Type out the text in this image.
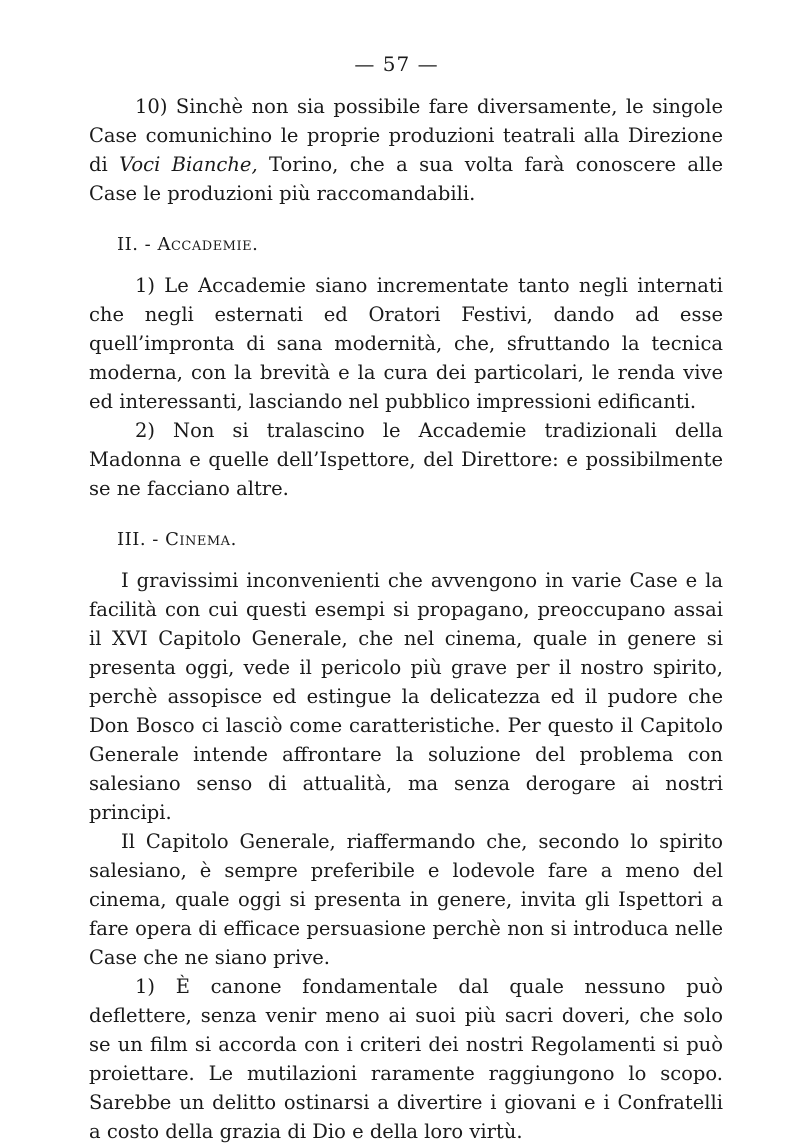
— 57 —

10) Sinchè non sia possibile fare diversamente, le singole Case comunichino le proprie produzioni teatrali alla Direzione di Voci Bianche, Torino, che a sua volta farà conoscere alle Case le produzioni più raccomandabili.

II. - Accademie.

1) Le Accademie siano incrementate tanto negli internati che negli esternati ed Oratori Festivi, dando ad esse quell’impronta di sana modernità, che, sfruttando la tecnica moderna, con la brevità e la cura dei particolari, le renda vive ed interessanti, lasciando nel pubblico impressioni edificanti.

2) Non si tralascino le Accademie tradizionali della Madonna e quelle dell’Ispettore, del Direttore: e possibilmente se ne facciano altre.

III. - Cinema.

I gravissimi inconvenienti che avvengono in varie Case e la facilità con cui questi esempi si propagano, preoccupano assai il XVI Capitolo Generale, che nel cinema, quale in genere si presenta oggi, vede il pericolo più grave per il nostro spirito, perchè assopisce ed estingue la delicatezza ed il pudore che Don Bosco ci lasciò come caratteristiche. Per questo il Capitolo Generale intende affrontare la soluzione del problema con salesiano senso di attualità, ma senza derogare ai nostri principi.

Il Capitolo Generale, riaffermando che, secondo lo spirito salesiano, è sempre preferibile e lodevole fare a meno del cinema, quale oggi si presenta in genere, invita gli Ispettori a fare opera di efficace persuasione perchè non si introduca nelle Case che ne siano prive.

1) È canone fondamentale dal quale nessuno può deflettere, senza venir meno ai suoi più sacri doveri, che solo se un film si accorda con i criteri dei nostri Regolamenti si può proiettare. Le mutilazioni raramente raggiungono lo scopo. Sarebbe un delitto ostinarsi a divertire i giovani e i Confratelli a costo della grazia di Dio e della loro virtù.
